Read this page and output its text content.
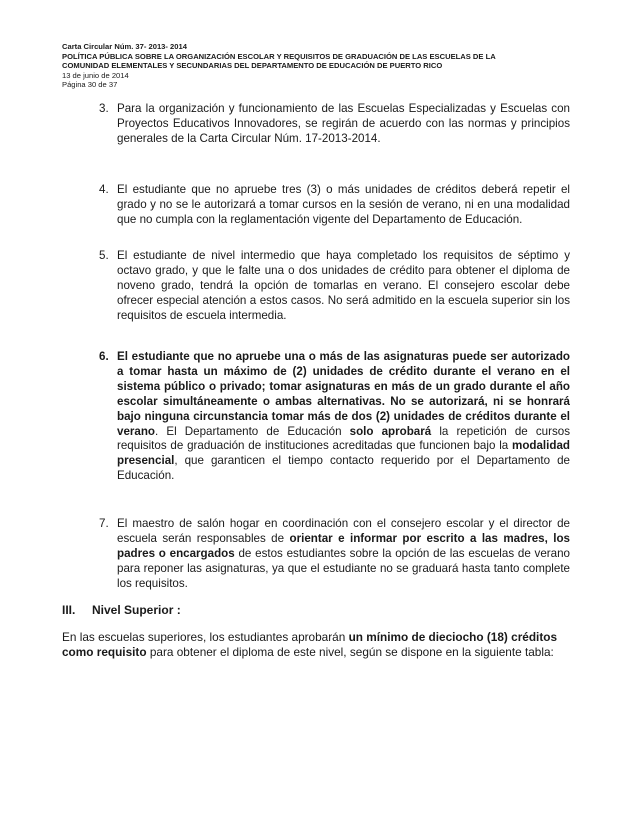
Carta Circular Núm. 37- 2013- 2014

POLÍTICA PÚBLICA SOBRE LA ORGANIZACIÓN ESCOLAR Y REQUISITOS DE GRADUACIÓN DE LAS ESCUELAS DE LA

COMUNIDAD ELEMENTALES Y SECUNDARIAS DEL DEPARTAMENTO DE EDUCACIÓN DE PUERTO RICO

13 de junio de 2014

Página 30 de 37

3. Para la organización y funcionamiento de las Escuelas Especializadas y Escuelas con Proyectos Educativos Innovadores, se regirán de acuerdo con las normas y principios generales de la Carta Circular Núm. 17-2013-2014.

4. El estudiante que no apruebe tres (3) o más unidades de créditos deberá repetir el grado y no se le autorizará a tomar cursos en la sesión de verano, ni en una modalidad que no cumpla con la reglamentación vigente del Departamento de Educación.

5. El estudiante de nivel intermedio que haya completado los requisitos de séptimo y octavo grado, y que le falte una o dos unidades de crédito para obtener el diploma de noveno grado, tendrá la opción de tomarlas en verano. El consejero escolar debe ofrecer especial atención a estos casos. No será admitido en la escuela superior sin los requisitos de escuela intermedia.

6. El estudiante que no apruebe una o más de las asignaturas puede ser autorizado a tomar hasta un máximo de (2) unidades de crédito durante el verano en el sistema público o privado; tomar asignaturas en más de un grado durante el año escolar simultáneamente o ambas alternativas. No se autorizará, ni se honrará bajo ninguna circunstancia tomar más de dos (2) unidades de créditos durante el verano. El Departamento de Educación solo aprobará la repetición de cursos requisitos de graduación de instituciones acreditadas que funcionen bajo la modalidad presencial, que garanticen el tiempo contacto requerido por el Departamento de Educación.

7. El maestro de salón hogar en coordinación con el consejero escolar y el director de escuela serán responsables de orientar e informar por escrito a las madres, los padres o encargados de estos estudiantes sobre la opción de las escuelas de verano para reponer las asignaturas, ya que el estudiante no se graduará hasta tanto complete los requisitos.

III. Nivel Superior :

En las escuelas superiores, los estudiantes aprobarán un mínimo de dieciocho (18) créditos como requisito para obtener el diploma de este nivel, según se dispone en la siguiente tabla:
